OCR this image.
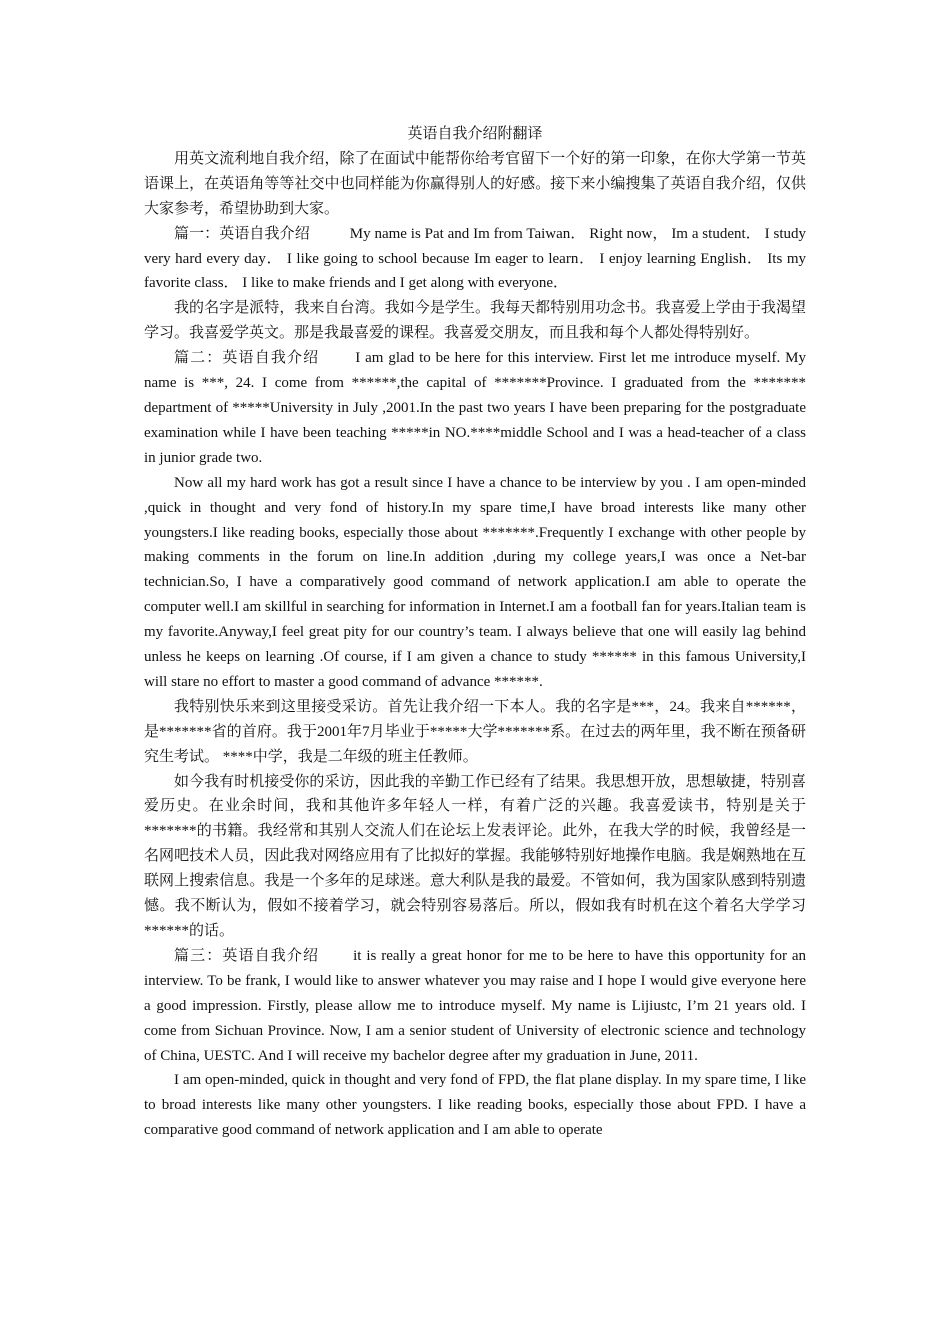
英语自我介绍附翻译

用英文流利地自我介绍，除了在面试中能帮你给考官留下一个好的第一印象，在你大学第一节英语课上，在英语角等等社交中也同样能为你赢得别人的好感。接下来小编搜集了英语自我介绍，仅供大家参考，希望协助到大家。

篇一：英语自我介绍	My name is Pat and Im from Taiwan． Right now， Im a student． I study very hard every day． I like going to school because Im eager to learn． I enjoy learning English． Its my favorite class． I like to make friends and I get along with everyone．

我的名字是派特，我来自台湾。我如今是学生。我每天都特别用功念书。我喜爱上学由于我渴望学习。我喜爱学英文。那是我最喜爱的课程。我喜爱交朋友，而且我和每个人都处得特别好。

篇二：英语自我介绍 I am glad to be here for this interview. First let me introduce myself. My name is ***, 24. I come from ******,the capital of *******Province. I graduated from the ******* department of *****University in July ,2001.In the past two years I have been preparing for the postgraduate examination while I have been teaching *****in NO.****middle School and I was a head-teacher of a class in junior grade two.

Now all my hard work has got a result since I have a chance to be interview by you . I am open-minded ,quick in thought and very fond of history.In my spare time,I have broad interests like many other youngsters.I like reading books, especially those about *******.Frequently I exchange with other people by making comments in the forum on line.In addition ,during my college years,I was once a Net-bar technician.So, I have a comparatively good command of network application.I am able to operate the computer well.I am skillful in searching for information in Internet.I am a football fan for years.Italian team is my favorite.Anyway,I feel great pity for our country’s team. I always believe that one will easily lag behind unless he keeps on learning .Of course, if I am given a chance to study ****** in this famous University,I will stare no effort to master a good command of advance ******.

我特别快乐来到这里接受采访。首先让我介绍一下本人。我的名字是***，24。我来自******，是*******省的首府。我于2001年7月毕业于*****大学*******系。在过去的两年里，我不断在预备研究生考试。 ****中学，我是二年级的班主任教师。

如今我有时机接受你的采访，因此我的辛勤工作已经有了结果。我思想开放，思想敏捷，特别喜爱历史。在业余时间，我和其他许多年轻人一样，有着广泛的兴趣。我喜爱读书，特别是关于*******的书籍。我经常和其别人交流人们在论坛上发表评论。此外，在我大学的时候，我曾经是一名网吧技术人员，因此我对网络应用有了比拟好的掌握。我能够特别好地操作电脑。我是娴熟地在互联网上搜索信息。我是一个多年的足球迷。意大利队是我的最爱。不管如何，我为国家队感到特别遗憾。我不断认为，假如不接着学习，就会特别容易落后。所以，假如我有时机在这个着名大学学习******的话。

篇三：英语自我介绍 it is really a great honor for me to be here to have this opportunity for an interview. To be frank, I would like to answer whatever you may raise and I hope I would give everyone here a good impression. Firstly, please allow me to introduce myself. My name is Lijiustc, I’m 21 years old. I come from Sichuan Province. Now, I am a senior student of University of electronic science and technology of China, UESTC. And I will receive my bachelor degree after my graduation in June, 2011.

I am open-minded, quick in thought and very fond of FPD, the flat plane display. In my spare time, I like to broad interests like many other youngsters. I like reading books, especially those about FPD. I have a comparative good command of network application and I am able to operate
